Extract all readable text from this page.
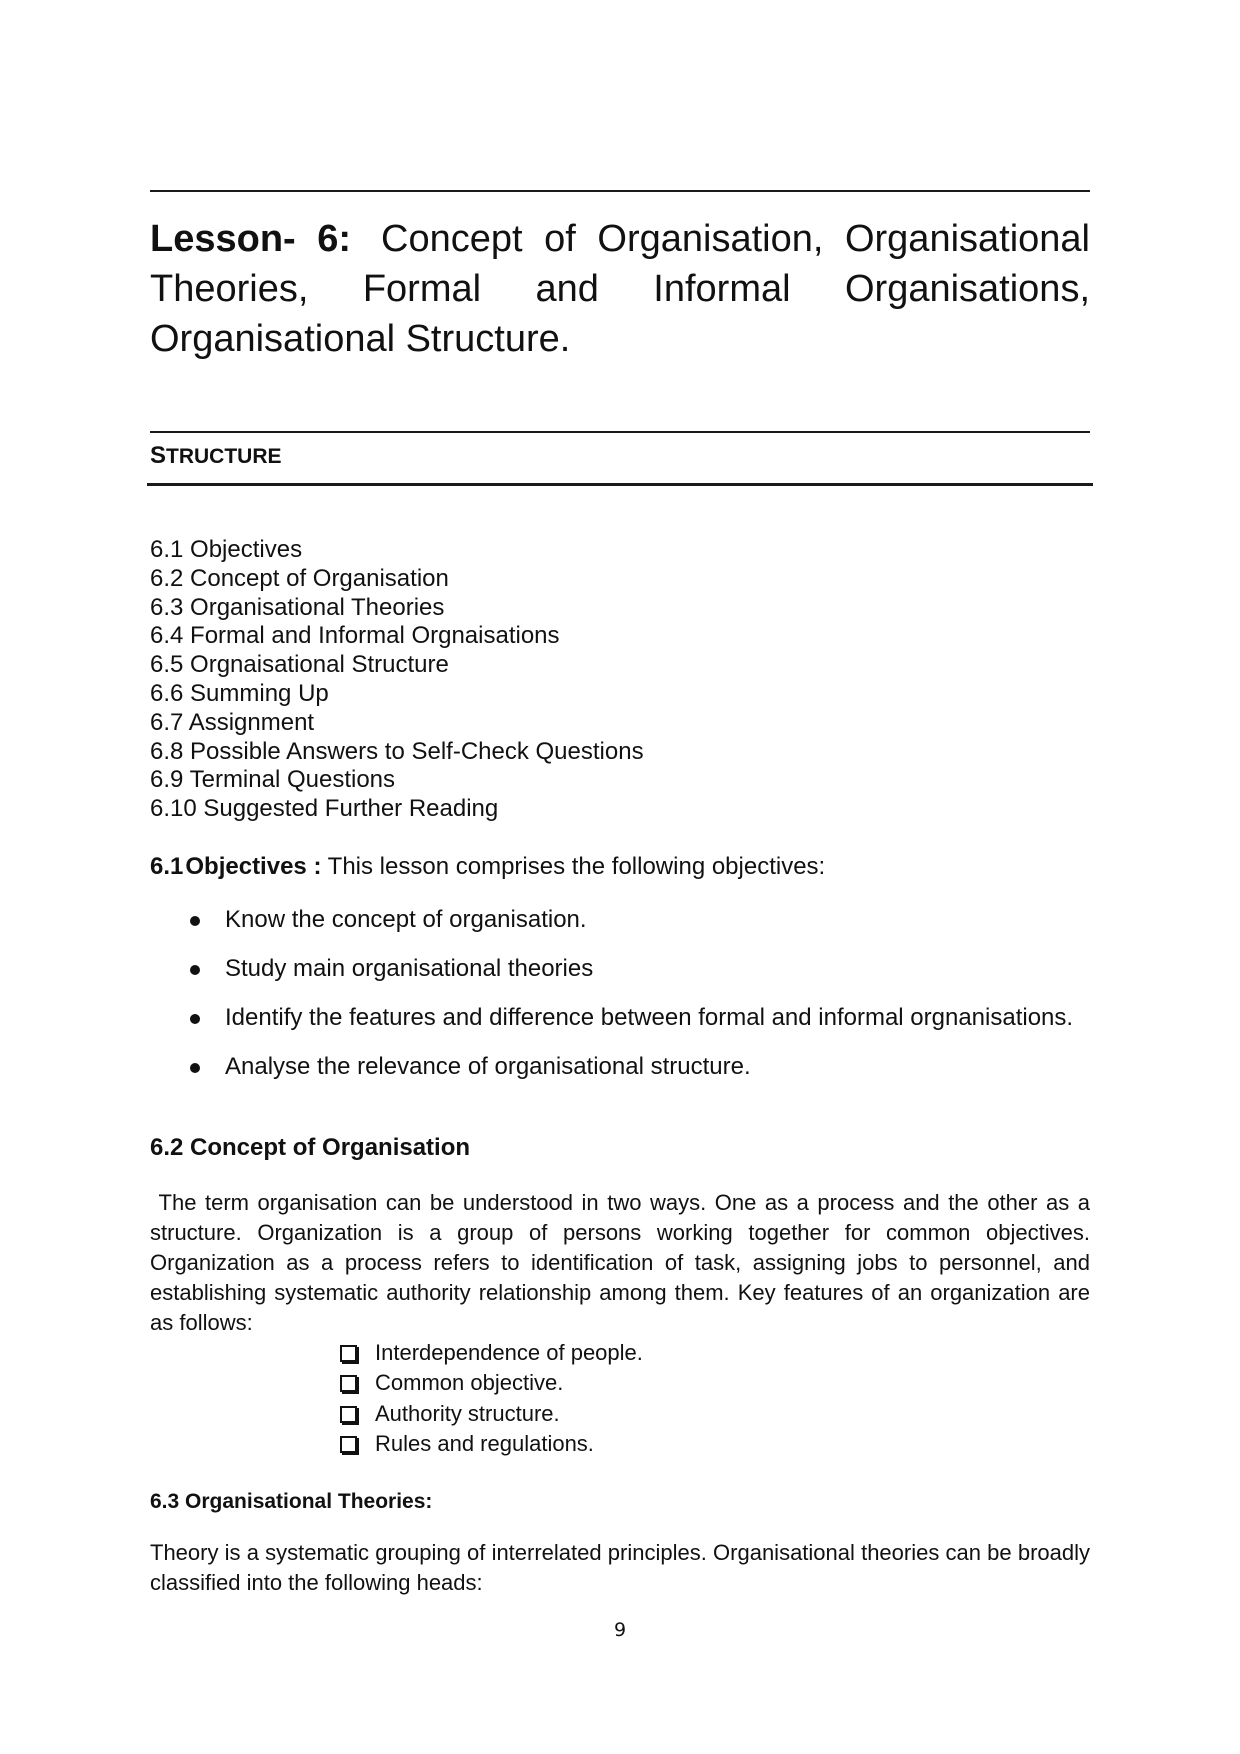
Lesson- 6: Concept of Organisation, Organisational Theories, Formal and Informal Organisations, Organisational Structure.

STRUCTURE

6.1 Objectives
6.2 Concept of Organisation
6.3 Organisational Theories
6.4 Formal and Informal Orgnaisations
6.5 Orgnaisational Structure
6.6 Summing Up
6.7 Assignment
6.8 Possible Answers to Self-Check Questions
6.9 Terminal Questions
6.10 Suggested Further Reading

6.1Objectives : This lesson comprises the following objectives:

Know the concept of organisation.
Study main organisational theories
Identify the features and difference between formal and informal orgnanisations.
Analyse the relevance of organisational structure.

6.2 Concept of Organisation

The term organisation can be understood in two ways. One as a process and the other as a structure. Organization is a group of persons working together for common objectives. Organization as a process refers to identification of task, assigning jobs to personnel, and establishing systematic authority relationship among them. Key features of an organization are as follows:

Interdependence of people.
Common objective.
Authority structure.
Rules and regulations.

6.3 Organisational Theories:

Theory is a systematic grouping of interrelated principles. Organisational theories can be broadly classified into the following heads:

9
